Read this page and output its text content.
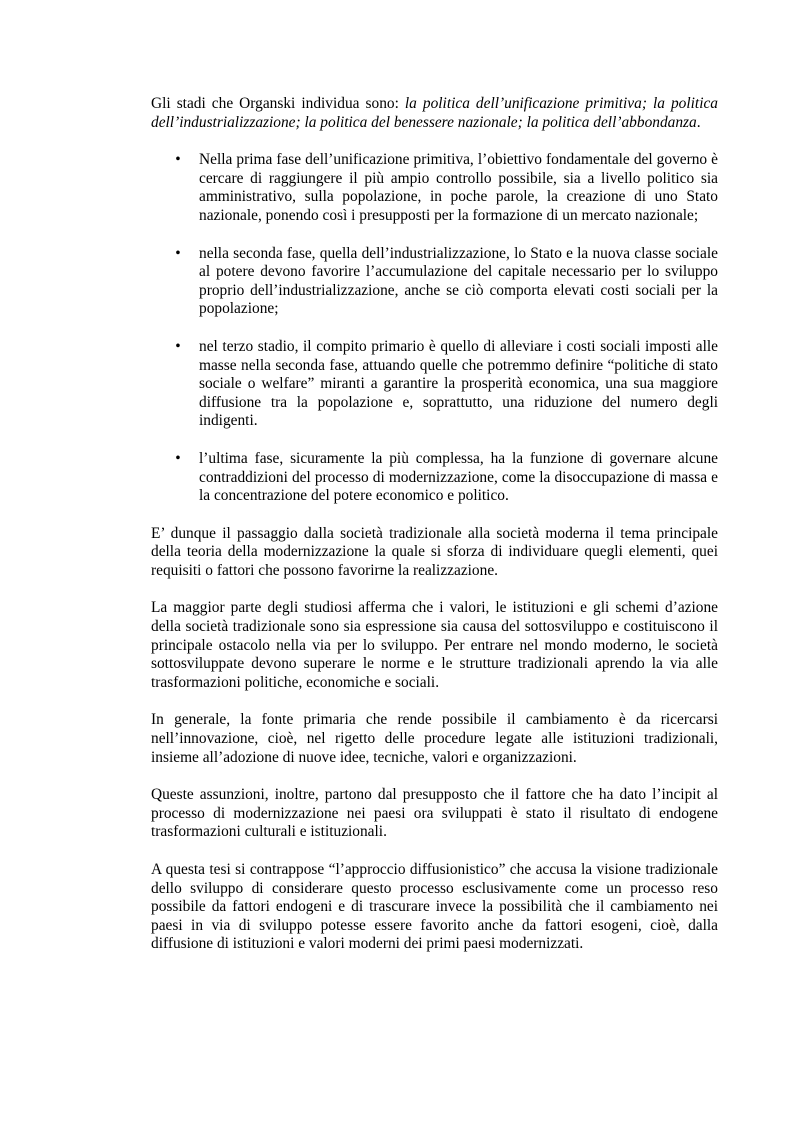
Gli stadi che Organski individua sono: la politica dell’unificazione primitiva; la politica dell’industrializzazione; la politica del benessere nazionale; la politica dell’abbondanza.

• Nella prima fase dell’unificazione primitiva, l’obiettivo fondamentale del governo è cercare di raggiungere il più ampio controllo possibile, sia a livello politico sia amministrativo, sulla popolazione, in poche parole, la creazione di uno Stato nazionale, ponendo così i presupposti per la formazione di un mercato nazionale;

• nella seconda fase, quella dell’industrializzazione, lo Stato e la nuova classe sociale al potere devono favorire l’accumulazione del capitale necessario per lo sviluppo proprio dell’industrializzazione, anche se ciò comporta elevati costi sociali per la popolazione;

• nel terzo stadio, il compito primario è quello di alleviare i costi sociali imposti alle masse nella seconda fase, attuando quelle che potremmo definire “politiche di stato sociale o welfare” miranti a garantire la prosperità economica, una sua maggiore diffusione tra la popolazione e, soprattutto, una riduzione del numero degli indigenti.

• l’ultima fase, sicuramente la più complessa, ha la funzione di governare alcune contraddizioni del processo di modernizzazione, come la disoccupazione di massa e la concentrazione del potere economico e politico.

E’ dunque il passaggio dalla società tradizionale alla società moderna il tema principale della teoria della modernizzazione la quale si sforza di individuare quegli elementi, quei requisiti o fattori che possono favorirne la realizzazione.

La maggior parte degli studiosi afferma che i valori, le istituzioni e gli schemi d’azione della società tradizionale sono sia espressione sia causa del sottosviluppo e costituiscono il principale ostacolo nella via per lo sviluppo. Per entrare nel mondo moderno, le società sottosviluppate devono superare le norme e le strutture tradizionali aprendo la via alle trasformazioni politiche, economiche e sociali.

In generale, la fonte primaria che rende possibile il cambiamento è da ricercarsi nell’innovazione, cioè, nel rigetto delle procedure legate alle istituzioni tradizionali, insieme all’adozione di nuove idee, tecniche, valori e organizzazioni.

Queste assunzioni, inoltre, partono dal presupposto che il fattore che ha dato l’incipit al processo di modernizzazione nei paesi ora sviluppati è stato il risultato di endogene trasformazioni culturali e istituzionali.

A questa tesi si contrappose “l’approccio diffusionistico” che accusa la visione tradizionale dello sviluppo di considerare questo processo esclusivamente come un processo reso possibile da fattori endogeni e di trascurare invece la possibilità che il cambiamento nei paesi in via di sviluppo potesse essere favorito anche da fattori esogeni, cioè, dalla diffusione di istituzioni e valori moderni dei primi paesi modernizzati.
